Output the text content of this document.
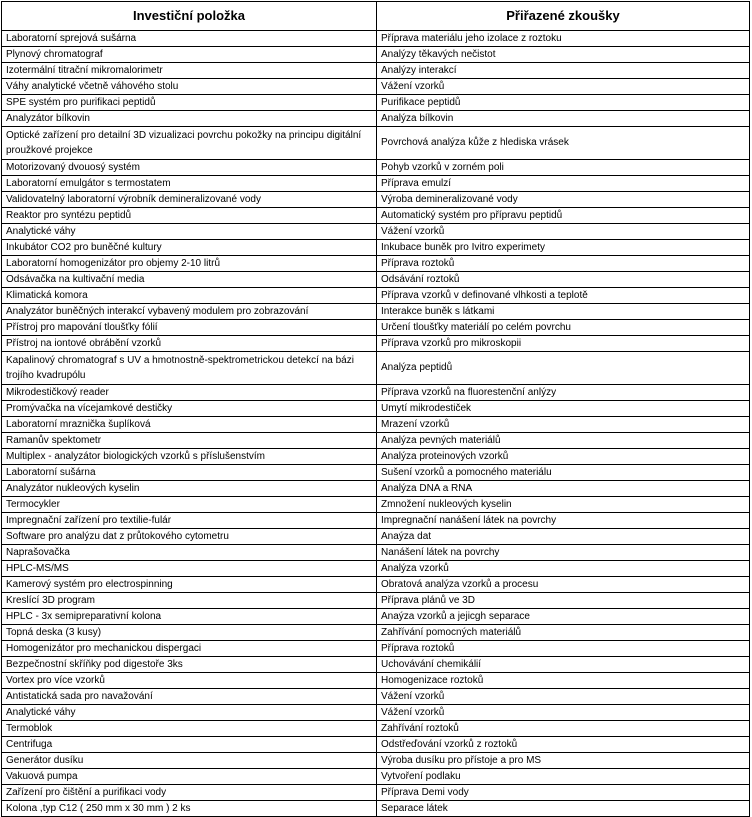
Investiční položka	Přiřazené zkoušky
Laboratorní sprejová sušárna	Příprava materiálu jeho izolace z roztoku
Plynový chromatograf	Analýzy těkavých nečistot
Izotermální titrační mikromalorimetr	Analýzy interakcí
Váhy analytické včetně váhového stolu	Vážení vzorků
SPE systém pro purifikaci peptidů	Purifikace peptidů
Analyzátor bílkovin	Analýza bílkovin
Optické zařízení pro detailní 3D vizualizaci povrchu pokožky na principu digitální proužkové projekce	Povrchová analýza kůže z hlediska vrásek
Motorizovaný dvouosý systém	Pohyb vzorků v zorném poli
Laboratorní emulgátor s termostatem	Příprava emulzí
Validovatelný laboratorní výrobník demineralizované vody	Výroba demineralizované vody
Reaktor pro syntézu peptidů	Automatický systém pro přípravu peptidů
Analytické váhy	Vážení vzorků
Inkubátor CO2 pro buněčné kultury	Inkubace buněk pro Ivitro experimety
Laboratorní homogenizátor pro objemy 2-10 litrů	Příprava roztoků
Odsávačka na kultivační media	Odsávání roztoků
Klimatická komora	Příprava vzorků v definované vlhkosti a teplotě
Analyzátor buněčných interakcí vybavený modulem pro zobrazování	Interakce buněk s látkami
Přístroj pro mapování tloušťky fólií	Určení tloušťky materiálí po celém povrchu
Přístroj na iontové obrábění vzorků	Příprava vzorků pro mikroskopii
Kapalinový chromatograf s UV a hmotnostně-spektrometrickou detekcí na bázi trojího kvadrupólu	Analýza peptidů
Mikrodestičkový reader	Příprava vzorků na fluorestenční anlýzy
Promývačka na vícejamkové destičky	Umytí mikrodestiček
Laboratorní mraznička šuplíková	Mrazení vzorků
Ramanův spektometr	Analýza pevných materiálů
Multiplex - analyzátor biologických vzorků s příslušenstvím	Analýza proteinových vzorků
Laboratorní sušárna	Sušení vzorků a pomocného materiálu
Analyzátor nukleových kyselin	Analýza DNA a RNA
Termocykler	Zmnožení nukleových kyselin
Impregnační zařízení pro textilie-fulár	Impregnační nanášení látek na povrchy
Software pro analýzu dat z průtokového cytometru	Anaýza dat
Naprašovačka	Nanášení látek na povrchy
HPLC-MS/MS	Analýza vzorků
Kamerový systém pro electrospinning	Obratová analýza vzorků a procesu
Kreslící 3D program	Příprava plánů ve 3D
HPLC - 3x semipreparativní kolona	Anaýza vzorků a jejicgh separace
Topná deska (3 kusy)	Zahřívání pomocných materiálů
Homogenizátor pro mechanickou dispergaci	Příprava roztoků
Bezpečnostní skříňky pod digestoře 3ks	Uchovávání chemikálií
Vortex pro více vzorků	Homogenizace roztoků
Antistatická sada pro navažování	Vážení vzorků
Analytické váhy	Vážení vzorků
Termoblok	Zahřívání roztoků
Centrifuga	Odstřeďování vzorků z roztoků
Generátor dusíku	Výroba dusíku pro přístoje a pro MS
Vakuová pumpa	Vytvoření podlaku
Zařízení pro čištění a purifikaci vody	Příprava Demi vody
Kolona ,typ C12 ( 250 mm x 30 mm ) 2 ks	Separace látek
